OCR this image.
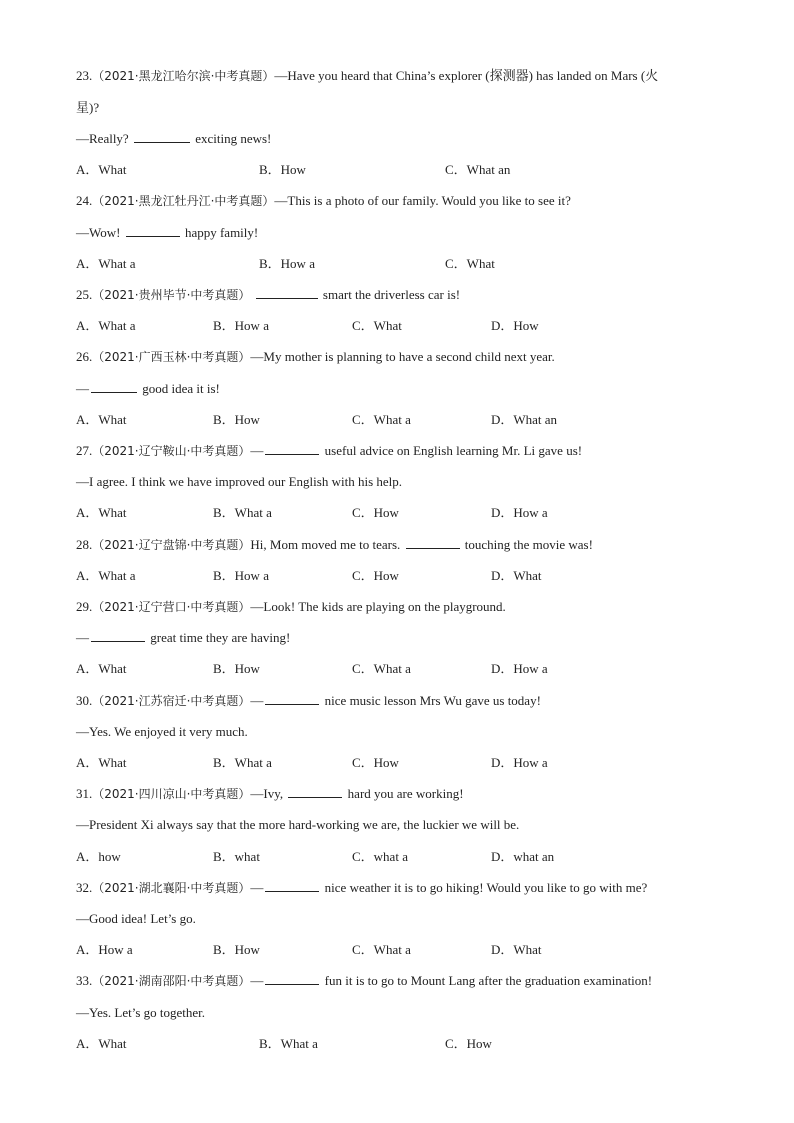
23.（2021·黑龙江哈尔滨·中考真题）—Have you heard that China’s explorer (探测器) has landed on Mars (火
星)?
—Really?	exciting news!
A．What	B．How	C．What an
24.（2021·黑龙江牡丹江·中考真题）—This is a photo of our family. Would you like to see it?
—Wow!	happy family!
A．What a	B．How a	C．What
25.（2021·贵州毕节·中考真题）	smart the driverless car is!
A．What a	B．How a	C．What	D．How
26.（2021·广西玉林·中考真题）—My mother is planning to have a second child next year.
—	good idea it is!
A．What	B．How	C．What a	D．What an
27.（2021·辽宁鞍山·中考真题）—	useful advice on English learning Mr. Li gave us!
—I agree. I think we have improved our English with his help.
A．What	B．What a	C．How	D．How a
28.（2021·辽宁盘锦·中考真题）Hi, Mom moved me to tears.	touching the movie was!
A．What a	B．How a	C．How	D．What
29.（2021·辽宁营口·中考真题）—Look! The kids are playing on the playground.
—	great time they are having!
A．What	B．How	C．What a	D．How a
30.（2021·江苏宿迁·中考真题）—	nice music lesson Mrs Wu gave us today!
—Yes. We enjoyed it very much.
A．What	B．What a	C．How	D．How a
31.（2021·四川凉山·中考真题）—Ivy,	hard you are working!
—President Xi always say that the more hard-working we are, the luckier we will be.
A．how	B．what	C．what a	D．what an
32.（2021·湖北襄阳·中考真题）—	nice weather it is to go hiking! Would you like to go with me?
—Good idea! Let’s go.
A．How a	B．How	C．What a	D．What
33.（2021·湖南邵阳·中考真题）—	fun it is to go to Mount Lang after the graduation examination!
—Yes. Let’s go together.
A．What	B．What a	C．How
